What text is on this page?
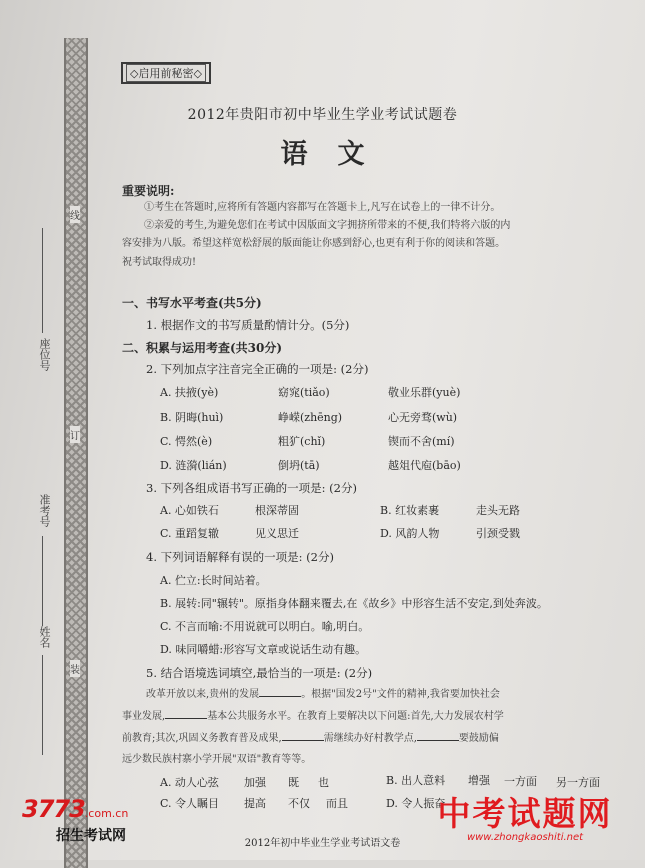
线
订
装
座位号
准考号
姓名
◇启用前秘密◇
2012年贵阳市初中毕业生学业考试试题卷
语文
重要说明:
①考生在答题时,应将所有答题内容都写在答题卡上,凡写在试卷上的一律不计分。
②亲爱的考生,为避免您们在考试中因版面文字拥挤所带来的不便,我们特将六版的内
容安排为八版。希望这样宽松舒展的版面能让你感到舒心,也更有利于你的阅读和答题。
祝考试取得成功!
一、书写水平考查(共5分)
1. 根据作文的书写质量酌情计分。(5分)
二、积累与运用考查(共30分)
2. 下列加点字注音完全正确的一项是: (2分)
A. 扶掖(yè)	窈窕(tiǎo)	敬业乐群(yuè)
B. 阴晦(huì)	峥嵘(zhēng)	心无旁骛(wù)
C. 愕然(è)	粗犷(chǐ)	锲而不舍(mí)
D. 涟漪(lián)	倒坍(tā)	越俎代庖(bāo)
3. 下列各组成语书写正确的一项是: (2分)
A. 心如铁石	根深蒂固	B. 红妆素裹	走头无路
C. 重蹈复辙	见义思迁	D. 风韵人物	引颈受戮
4. 下列词语解释有误的一项是: (2分)
A. 伫立:长时间站着。
B. 展转:同"辗转"。原指身体翻来覆去,在《故乡》中形容生活不安定,到处奔波。
C. 不言而喻:不用说就可以明白。喻,明白。
D. 味同嚼蜡:形容写文章或说话生动有趣。
5. 结合语境选词填空,最恰当的一项是: (2分)
改革开放以来,贵州的发展	。根据"国发2号"文件的精神,我省要加快社会
事业发展,	基本公共服务水平。在教育上要解决以下问题:首先,大力发展农村学
前教育;其次,巩固义务教育普及成果,	需继续办好村教学点,	要鼓励偏
远少数民族村寨小学开展"双语"教育等等。
A. 动人心弦 加强 既 也	B. 出人意料 增强 一方面 另一方面
C. 令人瞩目 提高 不仅 而且	D. 令人振奋
2012年初中毕业生学业考试语文卷
3773.com.cn
招生考试网
中考试题网
www.zhongkaoshiti.net
